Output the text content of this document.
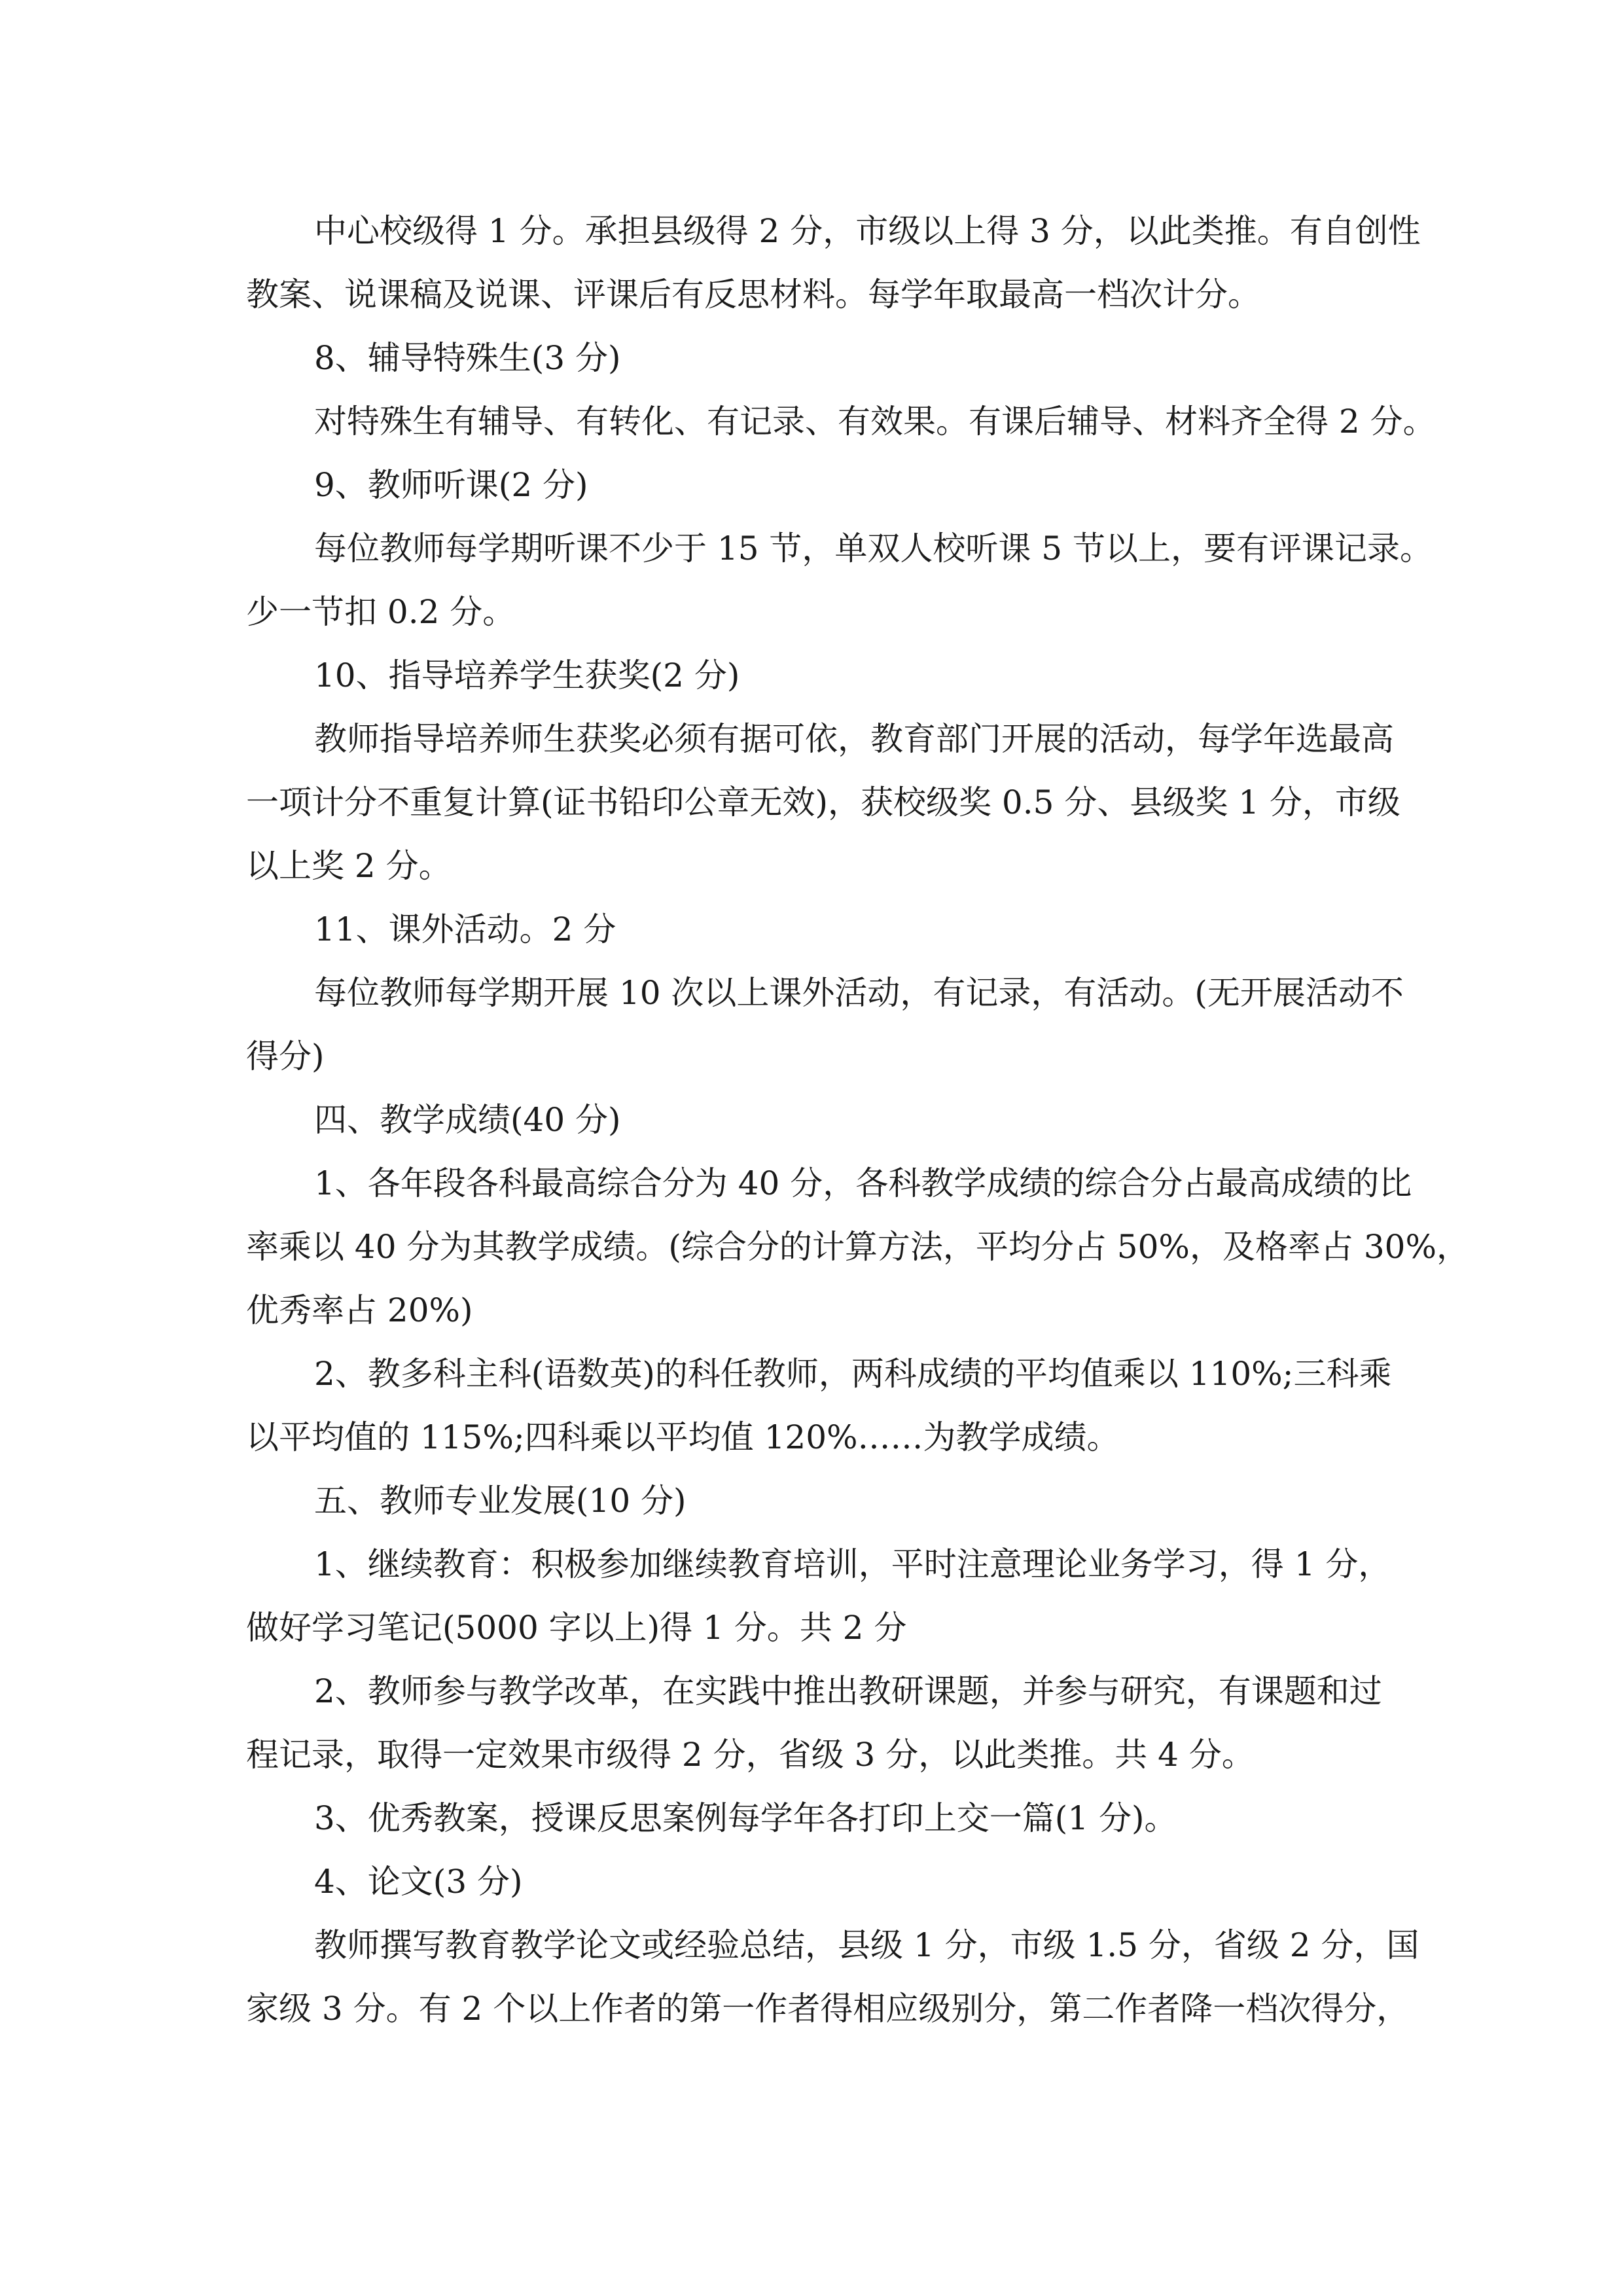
中心校级得 1 分。承担县级得 2 分，市级以上得 3 分，以此类推。有自创性
教案、说课稿及说课、评课后有反思材料。每学年取最高一档次计分。

8、辅导特殊生(3 分)

对特殊生有辅导、有转化、有记录、有效果。有课后辅导、材料齐全得 2 分。

9、教师听课(2 分)

每位教师每学期听课不少于 15 节，单双人校听课 5 节以上，要有评课记录。
少一节扣 0.2 分。

10、指导培养学生获奖(2 分)

教师指导培养师生获奖必须有据可依，教育部门开展的活动，每学年选最高
一项计分不重复计算(证书铅印公章无效)，获校级奖 0.5 分、县级奖 1 分，市级
以上奖 2 分。

11、课外活动。2 分

每位教师每学期开展 10 次以上课外活动，有记录，有活动。(无开展活动不
得分)

四、教学成绩(40 分)

1、各年段各科最高综合分为 40 分，各科教学成绩的综合分占最高成绩的比
率乘以 40 分为其教学成绩。(综合分的计算方法，平均分占 50%，及格率占 30%，
优秀率占 20%)

2、教多科主科(语数英)的科任教师，两科成绩的平均值乘以 110%;三科乘
以平均值的 115%;四科乘以平均值 120%……为教学成绩。

五、教师专业发展(10 分)

1、继续教育：积极参加继续教育培训，平时注意理论业务学习，得 1 分，
做好学习笔记(5000 字以上)得 1 分。共 2 分

2、教师参与教学改革，在实践中推出教研课题，并参与研究，有课题和过
程记录，取得一定效果市级得 2 分，省级 3 分，以此类推。共 4 分。

3、优秀教案，授课反思案例每学年各打印上交一篇(1 分)。

4、论文(3 分)

教师撰写教育教学论文或经验总结，县级 1 分，市级 1.5 分，省级 2 分，国
家级 3 分。有 2 个以上作者的第一作者得相应级别分，第二作者降一档次得分，
